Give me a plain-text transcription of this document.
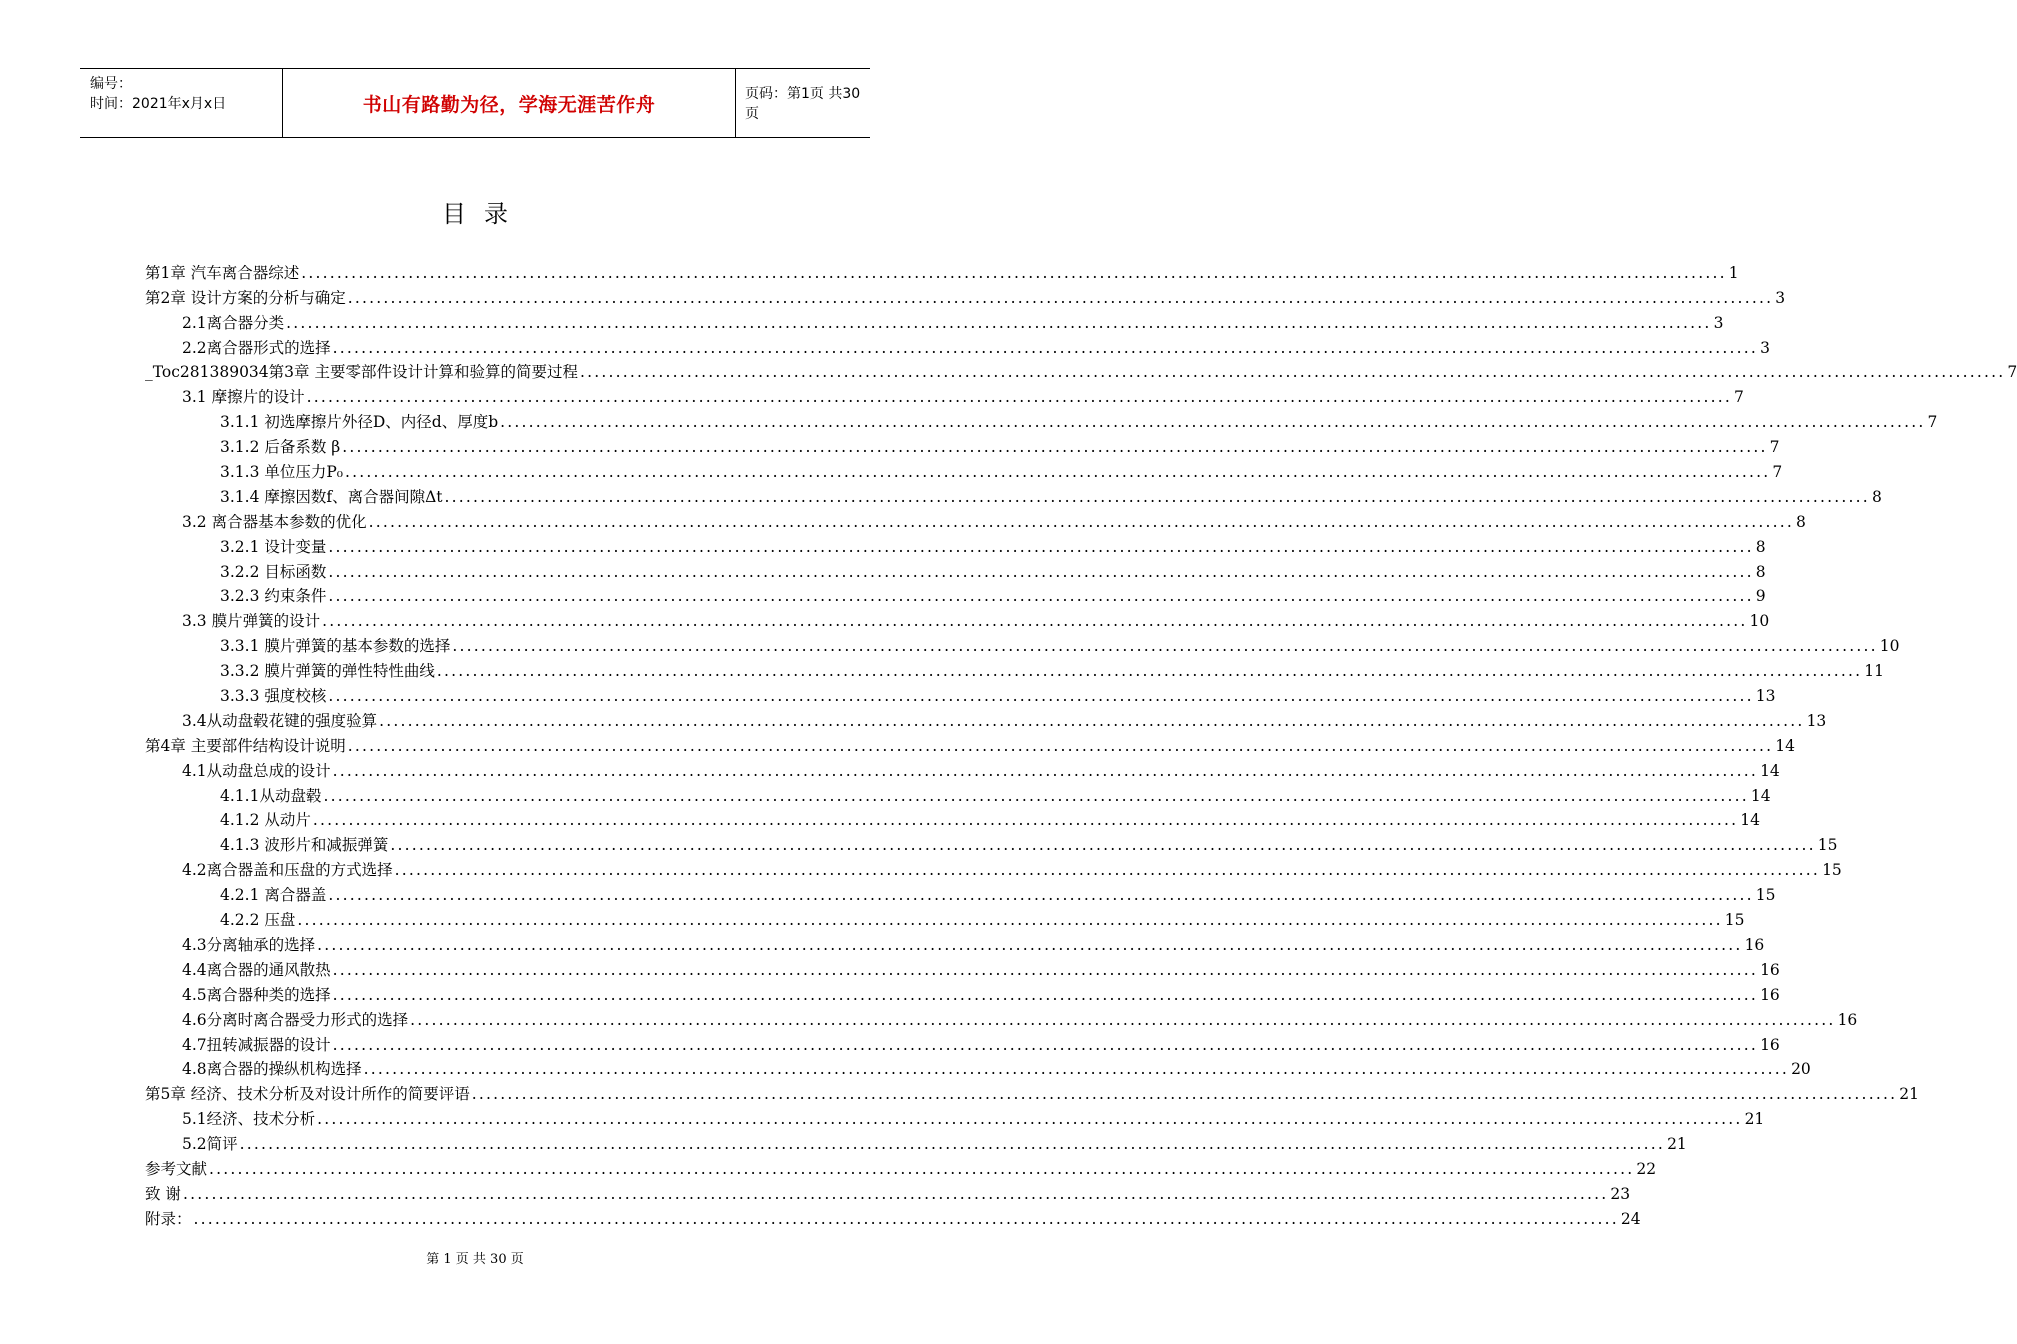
编号：
时间：2021年x月x日	书山有路勤为径，学海无涯苦作舟	页码：第1页 共30页
目录
第1章 汽车离合器综述 ........................................................................................................................................................................................................ 1
第2章 设计方案的分析与确定 ........................................................................................................................................................................................................ 3
2.1离合器分类 ........................................................................................................................................................................................................ 3
2.2离合器形式的选择 ........................................................................................................................................................................................................ 3
_Toc281389034第3章 主要零部件设计计算和验算的简要过程 ........................................................................................................................................................................................................ 7
3.1 摩擦片的设计 ........................................................................................................................................................................................................ 7
3.1.1 初选摩擦片外径D、内径d、厚度b ........................................................................................................................................................................................................ 7
3.1.2 后备系数 β ........................................................................................................................................................................................................ 7
3.1.3 单位压力P₀ ........................................................................................................................................................................................................ 7
3.1.4 摩擦因数f、离合器间隙Δt ........................................................................................................................................................................................................ 8
3.2 离合器基本参数的优化 ........................................................................................................................................................................................................ 8
3.2.1 设计变量 ........................................................................................................................................................................................................ 8
3.2.2 目标函数 ........................................................................................................................................................................................................ 8
3.2.3 约束条件 ........................................................................................................................................................................................................ 9
3.3 膜片弹簧的设计 ........................................................................................................................................................................................................ 10
3.3.1 膜片弹簧的基本参数的选择 ........................................................................................................................................................................................................ 10
3.3.2 膜片弹簧的弹性特性曲线 ........................................................................................................................................................................................................ 11
3.3.3 强度校核 ........................................................................................................................................................................................................ 13
3.4从动盘毂花键的强度验算 ........................................................................................................................................................................................................ 13
第4章 主要部件结构设计说明 ........................................................................................................................................................................................................ 14
4.1从动盘总成的设计 ........................................................................................................................................................................................................ 14
4.1.1从动盘毂 ........................................................................................................................................................................................................ 14
4.1.2 从动片 ........................................................................................................................................................................................................ 14
4.1.3 波形片和减振弹簧 ........................................................................................................................................................................................................ 15
4.2离合器盖和压盘的方式选择 ........................................................................................................................................................................................................ 15
4.2.1 离合器盖 ........................................................................................................................................................................................................ 15
4.2.2 压盘 ........................................................................................................................................................................................................ 15
4.3分离轴承的选择 ........................................................................................................................................................................................................ 16
4.4离合器的通风散热 ........................................................................................................................................................................................................ 16
4.5离合器种类的选择 ........................................................................................................................................................................................................ 16
4.6分离时离合器受力形式的选择 ........................................................................................................................................................................................................ 16
4.7扭转减振器的设计 ........................................................................................................................................................................................................ 16
4.8离合器的操纵机构选择 ........................................................................................................................................................................................................ 20
第5章 经济、技术分析及对设计所作的简要评语 ........................................................................................................................................................................................................ 21
5.1经济、技术分析 ........................................................................................................................................................................................................ 21
5.2简评 ........................................................................................................................................................................................................ 21
参考文献 ........................................................................................................................................................................................................ 22
致 谢 ........................................................................................................................................................................................................ 23
附录： ........................................................................................................................................................................................................ 24
第 1 页 共 30 页
